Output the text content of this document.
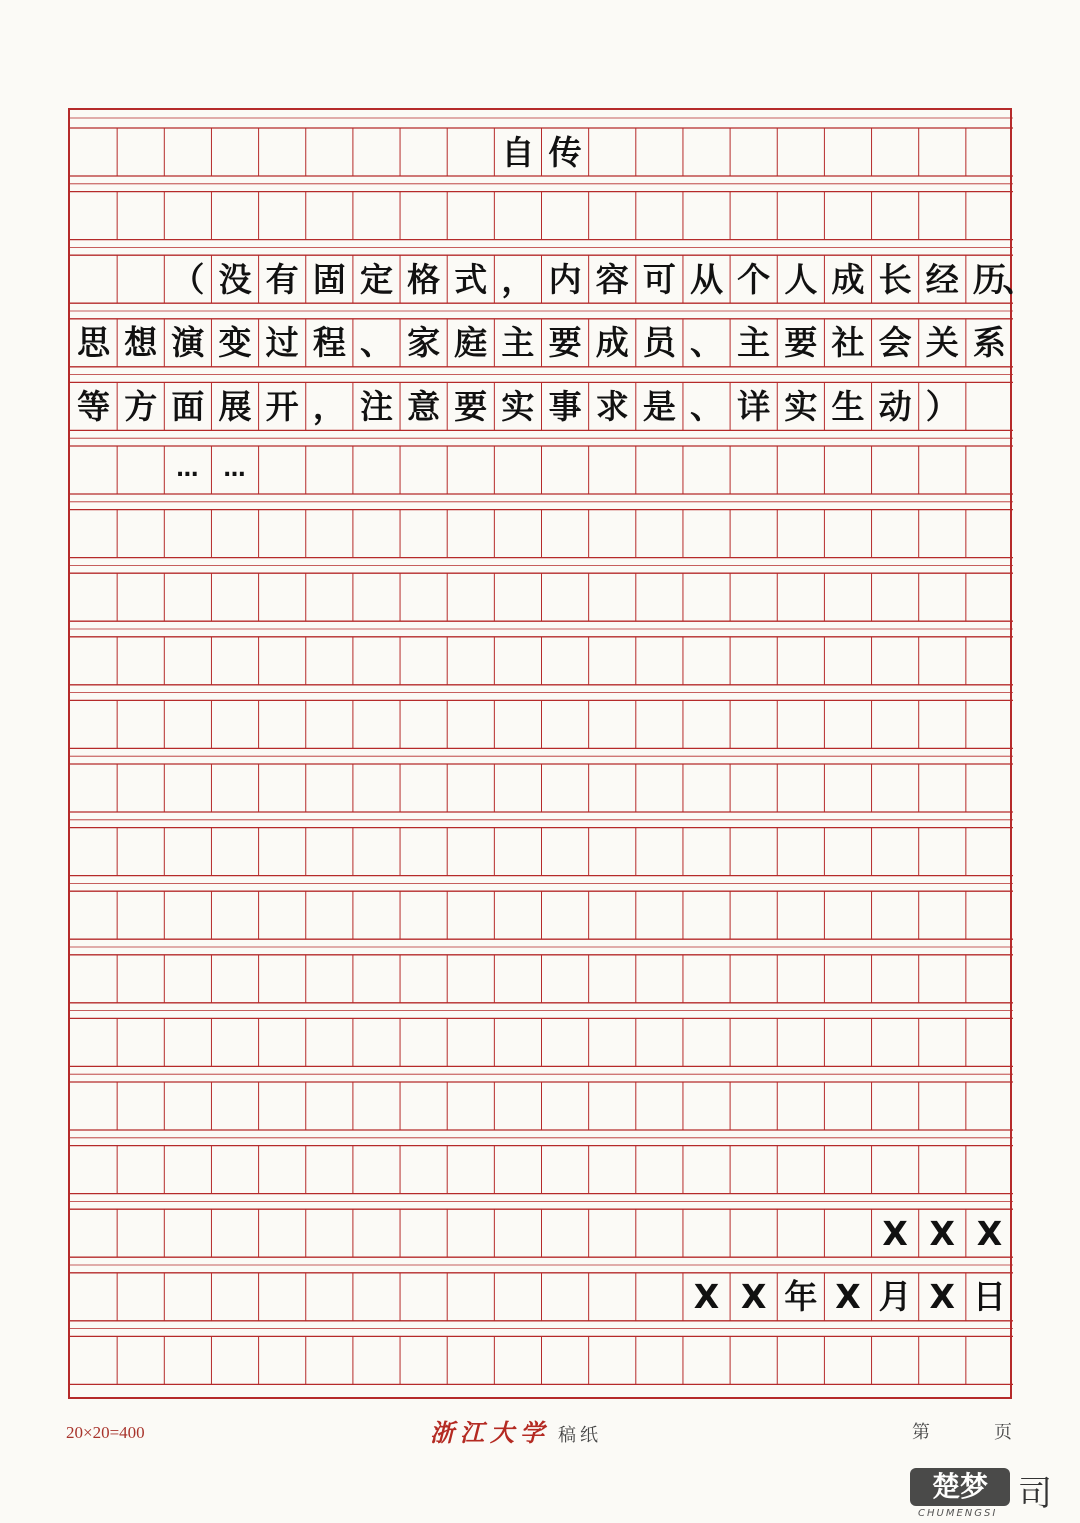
自 传
（ 没 有 固 定 格 式 ， 内 容 可 从 个 人 成 长 经 历
、
思 想 演 变 过 程 、 家 庭 主 要 成 员 、 主 要 社 会 关 系
等 方 面 展 开 ， 注 意 要 实 事 求 是 、 详 实 生 动 ）
…	…
X X X
X X 年 X 月 X 日
20×20=400	浙江大学 稿纸	第	页
楚梦 司
CHUMENGSI
